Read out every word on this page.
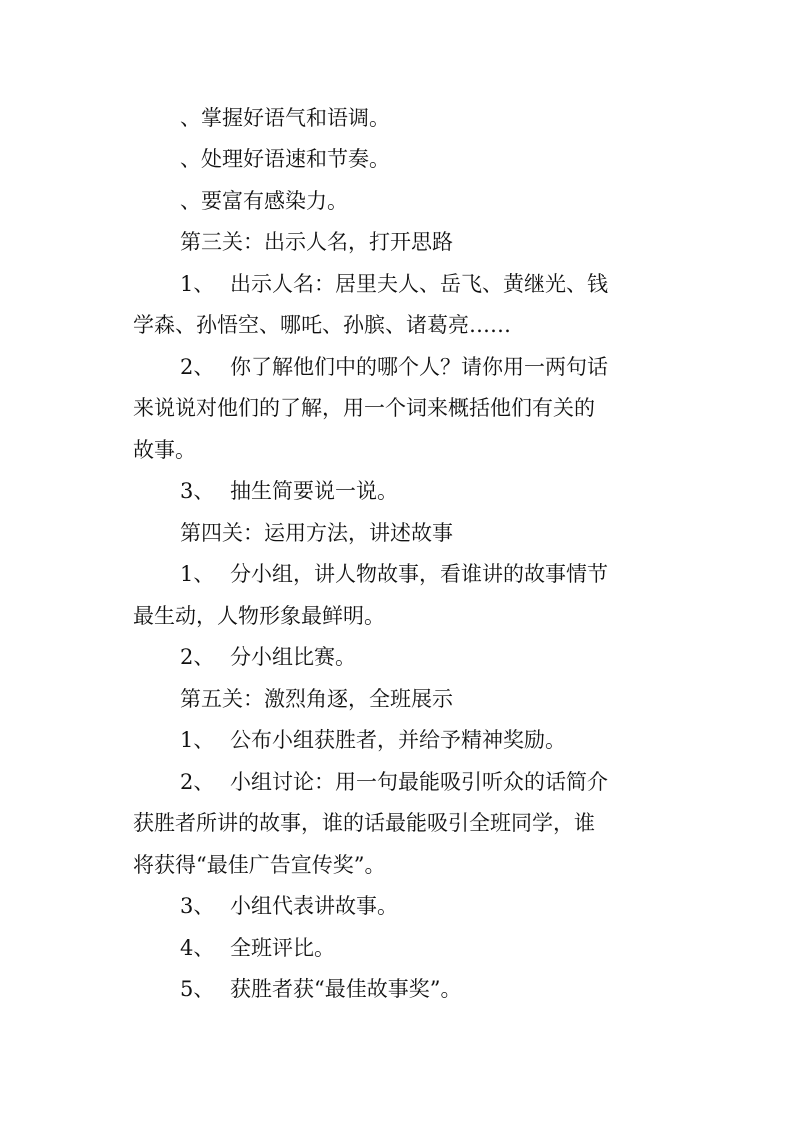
、掌握好语气和语调。
、处理好语速和节奏。
、要富有感染力。
第三关：出示人名，打开思路
1、 出示人名：居里夫人、岳飞、黄继光、钱
学森、孙悟空、哪吒、孙膑、诸葛亮……
2、 你了解他们中的哪个人？请你用一两句话
来说说对他们的了解，用一个词来概括他们有关的
故事。
3、 抽生简要说一说。
第四关：运用方法，讲述故事
1、 分小组，讲人物故事，看谁讲的故事情节
最生动，人物形象最鲜明。
2、 分小组比赛。
第五关：激烈角逐，全班展示
1、 公布小组获胜者，并给予精神奖励。
2、 小组讨论：用一句最能吸引听众的话简介
获胜者所讲的故事，谁的话最能吸引全班同学，谁
将获得“最佳广告宣传奖”。
3、 小组代表讲故事。
4、 全班评比。
5、 获胜者获“最佳故事奖”。
